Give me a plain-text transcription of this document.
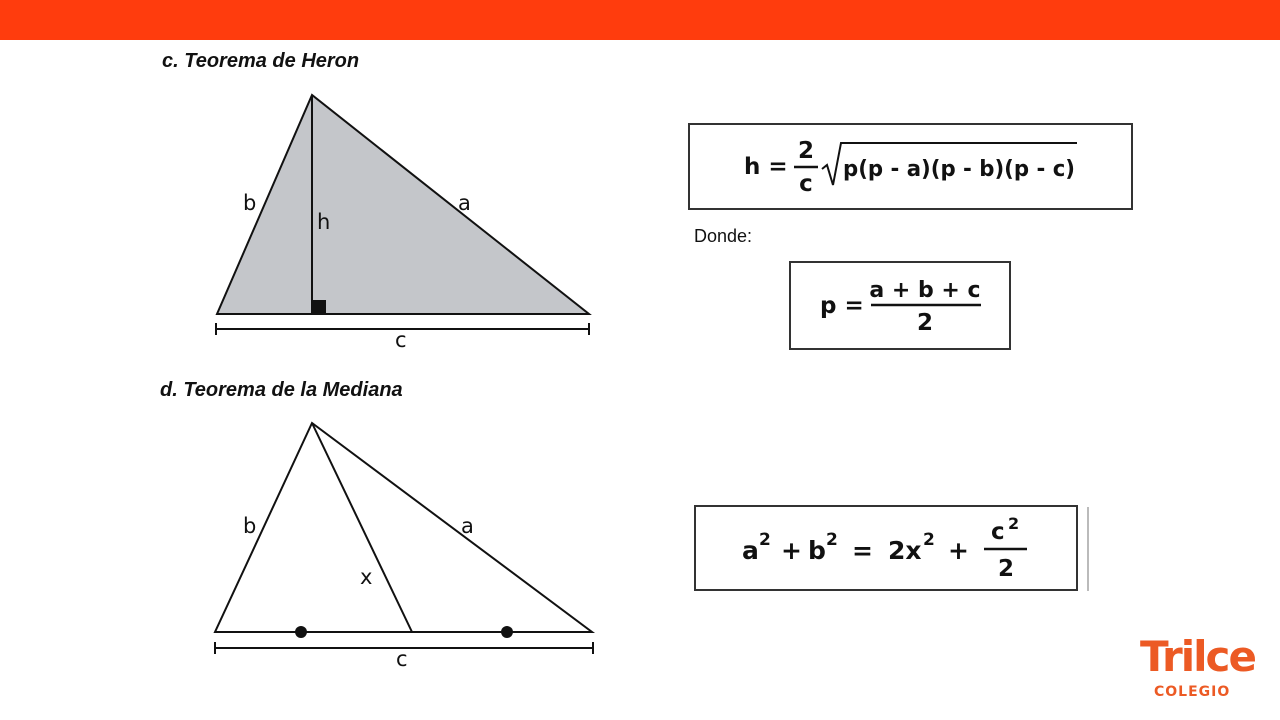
c. Teorema de Heron
d. Teorema de la Mediana
b	a
h
c
b	a
x
c
h =
2
c
p(p - a)(p - b)(p - c)
Donde:
p =
a + b + c
2
a 2 + b 2 = 2x 2 +
c 2
2
Trilce
COLEGIO
